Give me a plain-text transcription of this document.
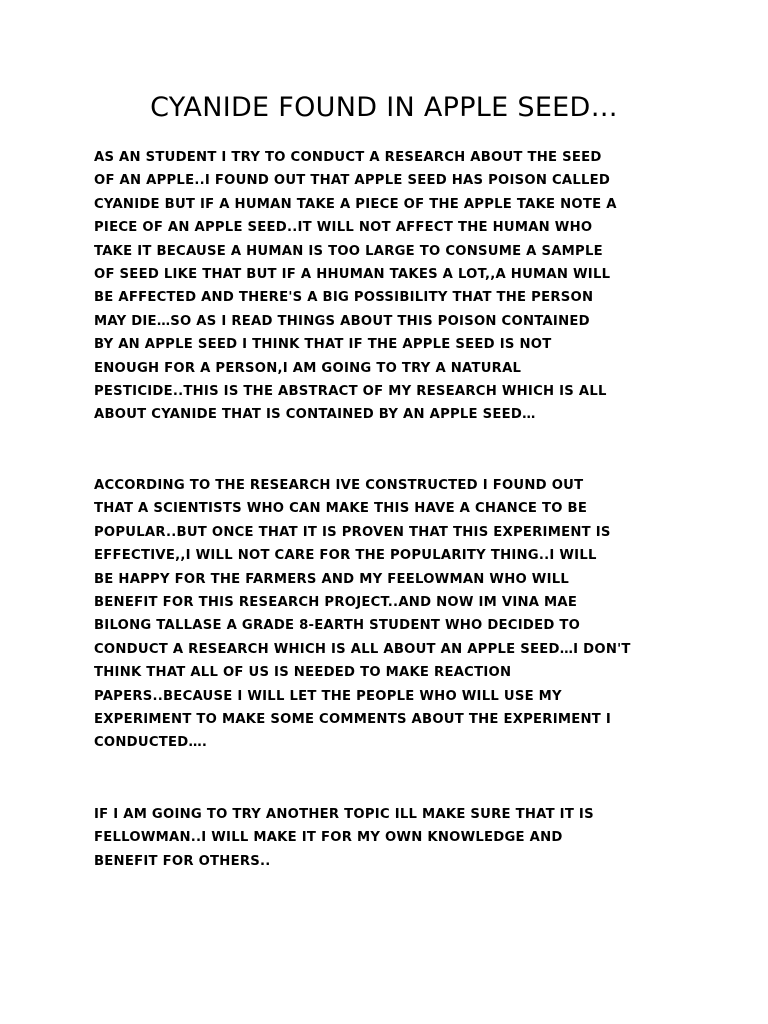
CYANIDE FOUND IN APPLE SEED…
AS AN STUDENT I TRY TO CONDUCT A RESEARCH ABOUT THE SEED
OF AN APPLE..I FOUND OUT THAT APPLE SEED HAS POISON CALLED
CYANIDE BUT IF A HUMAN TAKE A PIECE OF THE APPLE TAKE NOTE A
PIECE OF AN APPLE SEED..IT WILL NOT AFFECT THE HUMAN WHO
TAKE IT BECAUSE A HUMAN IS TOO LARGE TO CONSUME A SAMPLE
OF SEED LIKE THAT BUT IF A HHUMAN TAKES A LOT,,A HUMAN WILL
BE AFFECTED AND THERE'S A BIG POSSIBILITY THAT THE PERSON
MAY DIE…SO AS I READ THINGS ABOUT THIS POISON CONTAINED
BY AN APPLE SEED I THINK THAT IF THE APPLE SEED IS NOT
ENOUGH FOR A PERSON,I AM GOING TO TRY A NATURAL
PESTICIDE..THIS IS THE ABSTRACT OF MY RESEARCH WHICH IS ALL
ABOUT CYANIDE THAT IS CONTAINED BY AN APPLE SEED…
ACCORDING TO THE RESEARCH IVE CONSTRUCTED I FOUND OUT
THAT A SCIENTISTS WHO CAN MAKE THIS HAVE A CHANCE TO BE
POPULAR..BUT ONCE THAT IT IS PROVEN THAT THIS EXPERIMENT IS
EFFECTIVE,,I WILL NOT CARE FOR THE POPULARITY THING..I WILL
BE HAPPY FOR THE FARMERS AND MY FEELOWMAN WHO WILL
BENEFIT FOR THIS RESEARCH PROJECT..AND NOW IM VINA MAE
BILONG TALLASE A GRADE 8-EARTH STUDENT WHO DECIDED TO
CONDUCT A RESEARCH WHICH IS ALL ABOUT AN APPLE SEED…I DON'T
THINK THAT ALL OF US IS NEEDED TO MAKE REACTION
PAPERS..BECAUSE I WILL LET THE PEOPLE WHO WILL USE MY
EXPERIMENT TO MAKE SOME COMMENTS ABOUT THE EXPERIMENT I
CONDUCTED….
IF I AM GOING TO TRY ANOTHER TOPIC ILL MAKE SURE THAT IT IS
FELLOWMAN..I WILL MAKE IT FOR MY OWN KNOWLEDGE AND
BENEFIT FOR OTHERS..
